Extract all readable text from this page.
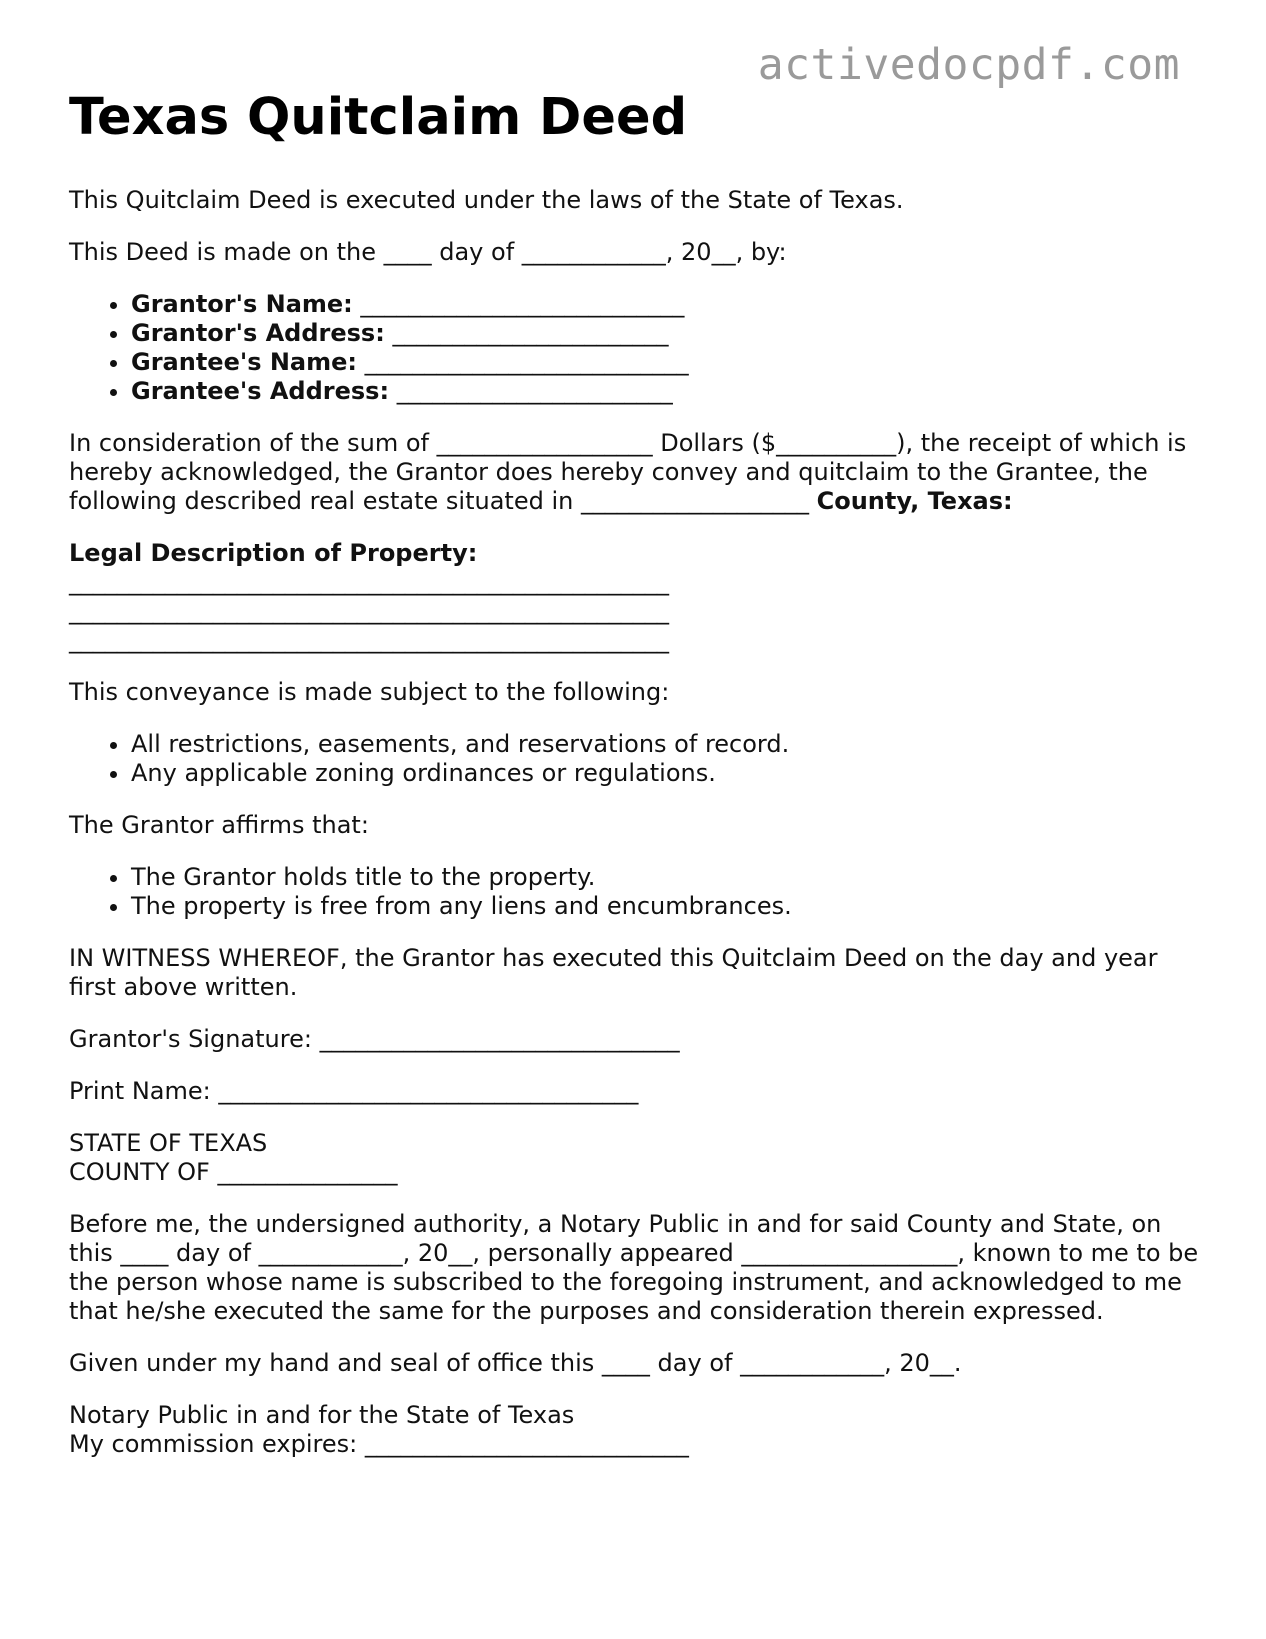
activedocpdf.com
Texas Quitclaim Deed

This Quitclaim Deed is executed under the laws of the State of Texas.

This Deed is made on the ____ day of ____________, 20__, by:

• Grantor's Name: ___________________________
• Grantor's Address: _______________________
• Grantee's Name: ___________________________
• Grantee's Address: _______________________

In consideration of the sum of __________________ Dollars ($__________), the receipt of which is hereby acknowledged, the Grantor does hereby convey and quitclaim to the Grantee, the following described real estate situated in ___________________ County, Texas:

Legal Description of Property:
__________________________________________________
__________________________________________________
__________________________________________________

This conveyance is made subject to the following:

• All restrictions, easements, and reservations of record.
• Any applicable zoning ordinances or regulations.

The Grantor affirms that:

• The Grantor holds title to the property.
• The property is free from any liens and encumbrances.

IN WITNESS WHEREOF, the Grantor has executed this Quitclaim Deed on the day and year first above written.

Grantor's Signature: ______________________________

Print Name: ___________________________________

STATE OF TEXAS
COUNTY OF _______________

Before me, the undersigned authority, a Notary Public in and for said County and State, on this ____ day of ____________, 20__, personally appeared __________________, known to me to be the person whose name is subscribed to the foregoing instrument, and acknowledged to me that he/she executed the same for the purposes and consideration therein expressed.

Given under my hand and seal of office this ____ day of ____________, 20__.

Notary Public in and for the State of Texas
My commission expires: ___________________________
